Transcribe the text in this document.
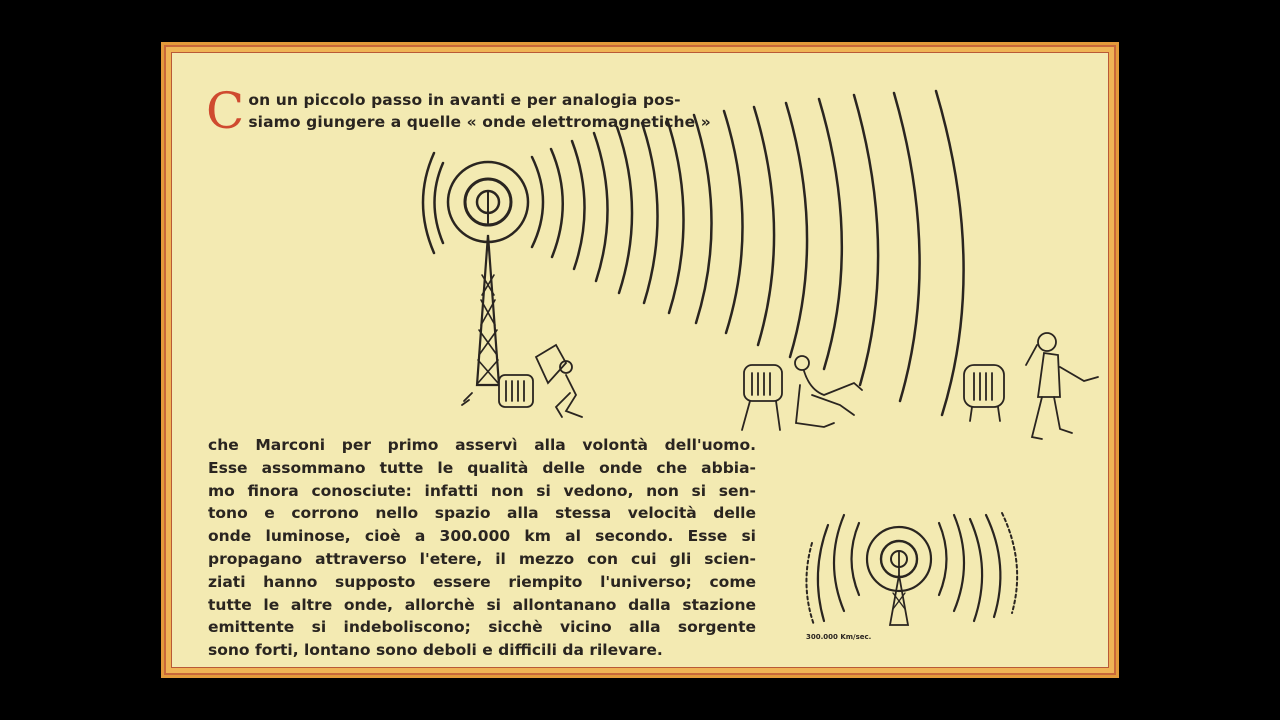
C on un piccolo passo in avanti e per analogia pos-
siamo giungere a quelle « onde elettromagnetiche »
300.000 Km/sec.
che Marconi per primo asservì alla volontà dell'uomo.
Esse assommano tutte le qualità delle onde che abbia-
mo finora conosciute: infatti non si vedono, non si sen-
tono e corrono nello spazio alla stessa velocità delle
onde luminose, cioè a 300.000 km al secondo. Esse si
propagano attraverso l'etere, il mezzo con cui gli scien-
ziati hanno supposto essere riempito l'universo; come
tutte le altre onde, allorchè si allontanano dalla stazione
emittente si indeboliscono; sicchè vicino alla sorgente
sono forti, lontano sono deboli e difficili da rilevare.
